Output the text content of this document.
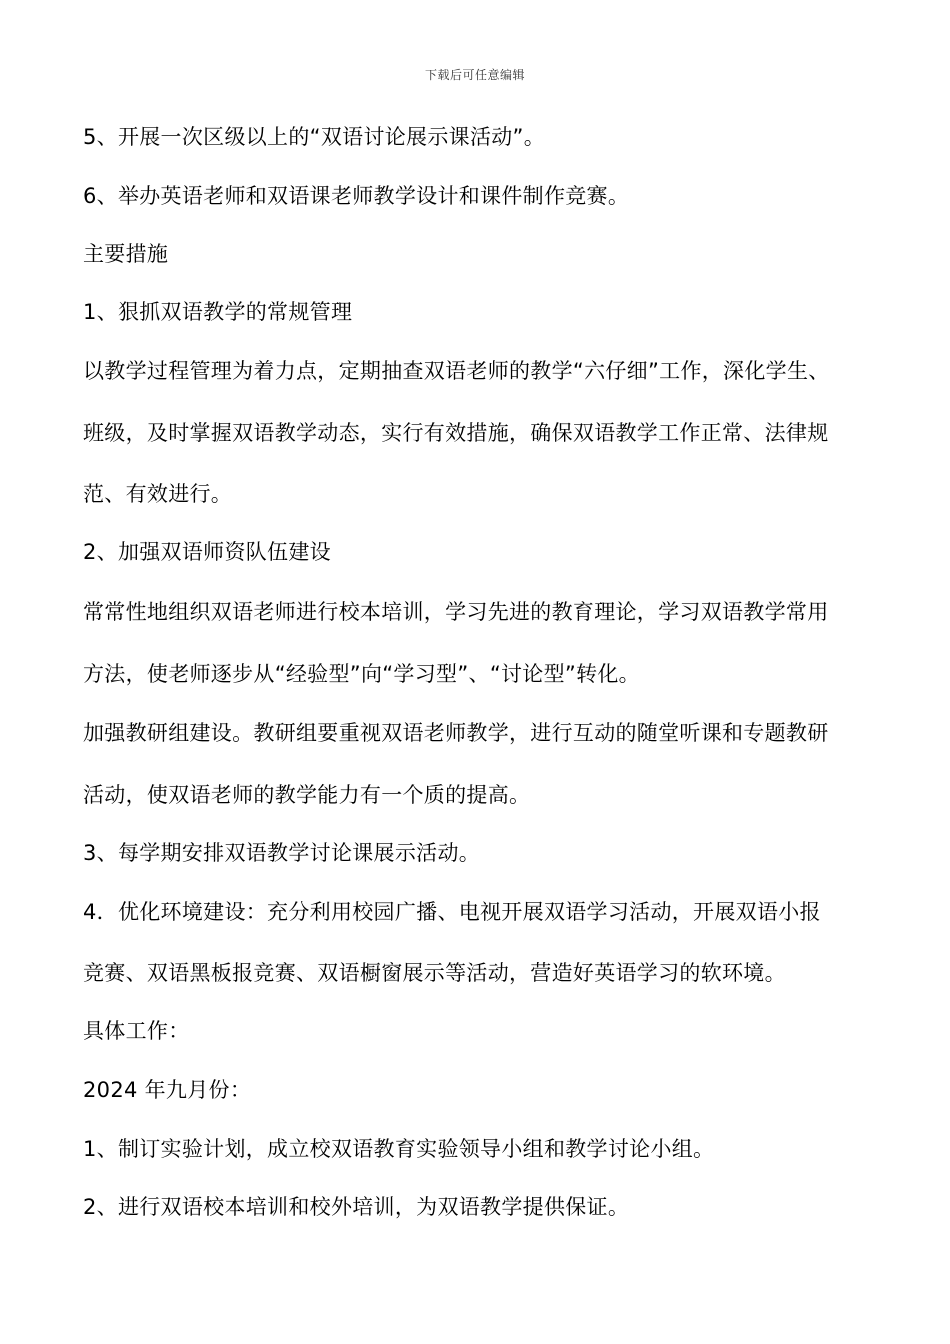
下载后可任意编辑
5、开展一次区级以上的“双语讨论展示课活动”。
6、举办英语老师和双语课老师教学设计和课件制作竞赛。
主要措施
1、狠抓双语教学的常规管理
以教学过程管理为着力点，定期抽查双语老师的教学“六仔细”工作，深化学生、
班级，及时掌握双语教学动态，实行有效措施，确保双语教学工作正常、法律规
范、有效进行。
2、加强双语师资队伍建设
常常性地组织双语老师进行校本培训，学习先进的教育理论，学习双语教学常用
方法，使老师逐步从“经验型”向“学习型”、“讨论型”转化。
加强教研组建设。教研组要重视双语老师教学，进行互动的随堂听课和专题教研
活动，使双语老师的教学能力有一个质的提高。
3、每学期安排双语教学讨论课展示活动。
4．优化环境建设：充分利用校园广播、电视开展双语学习活动，开展双语小报
竞赛、双语黑板报竞赛、双语橱窗展示等活动，营造好英语学习的软环境。
具体工作：
2024 年九月份：
1、制订实验计划，成立校双语教育实验领导小组和教学讨论小组。
2、进行双语校本培训和校外培训，为双语教学提供保证。
